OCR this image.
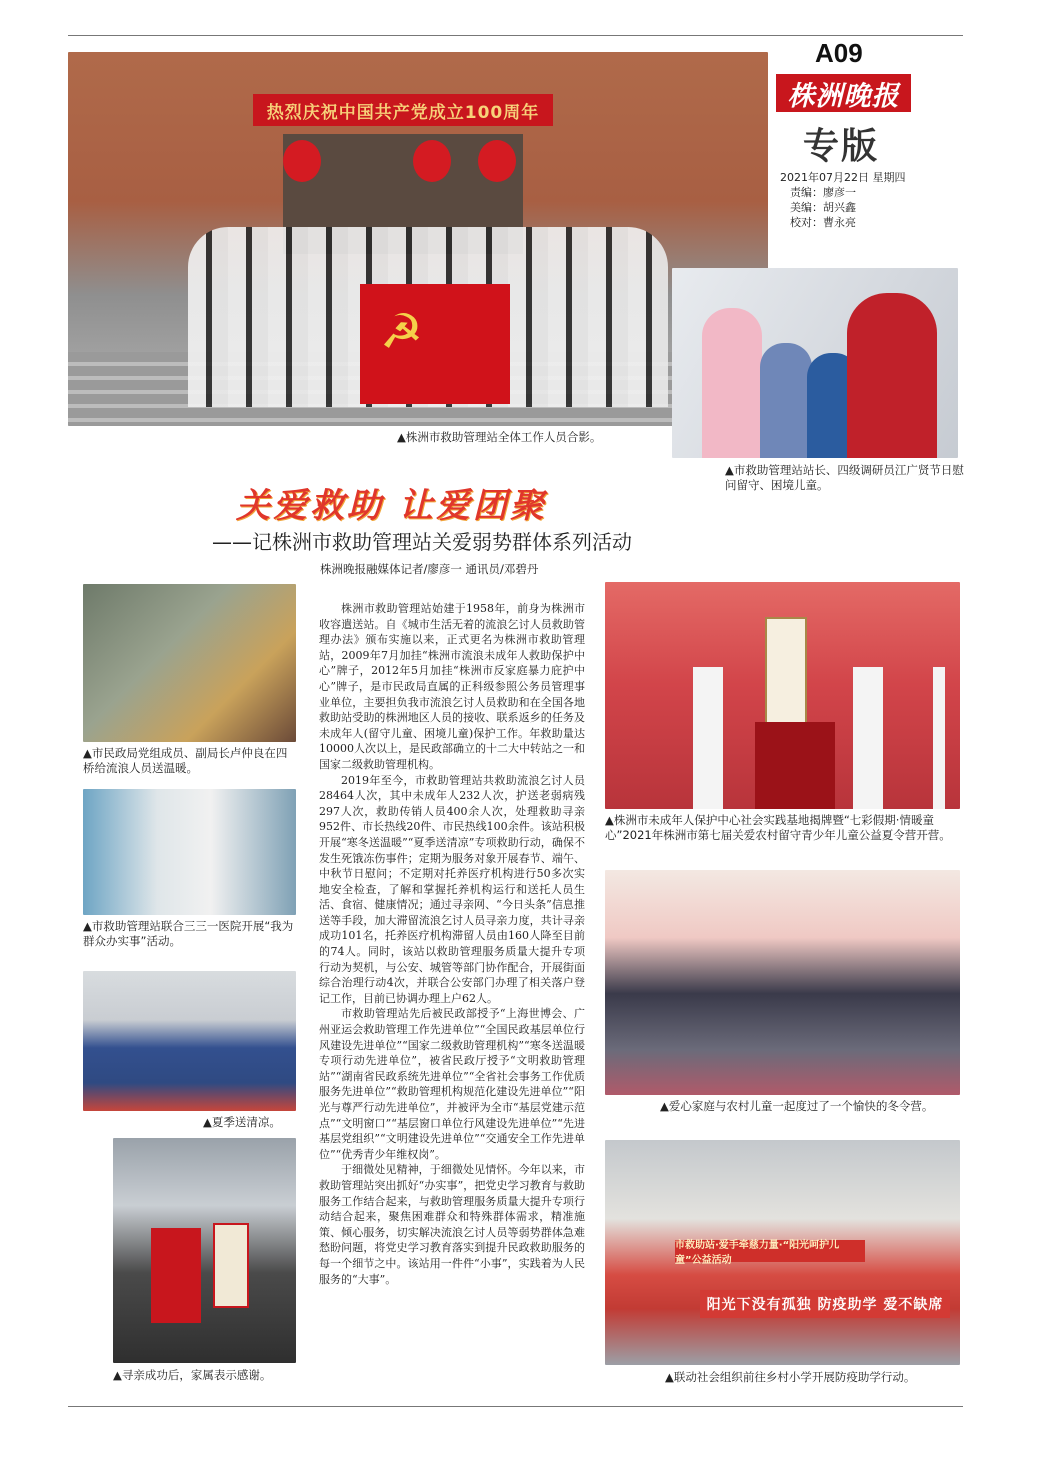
A09
株洲晚报
专版
2021年07月22日 星期四
责编：廖彦一
美编：胡兴鑫
校对：曹永亮
热烈庆祝中国共产党成立100周年
☭
▲株洲市救助管理站全体工作人员合影。
▲市救助管理站站长、四级调研员江广贤节日慰问留守、困境儿童。
关爱救助 让爱团聚
——记株洲市救助管理站关爱弱势群体系列活动
株洲晚报融媒体记者/廖彦一 通讯员/邓碧丹
▲市民政局党组成员、副局长卢仲良在四桥给流浪人员送温暖。
▲市救助管理站联合三三一医院开展“我为群众办实事”活动。
▲夏季送清凉。
▲寻亲成功后，家属表示感谢。

株洲市救助管理站始建于1958年，前身为株洲市收容遣送站。自《城市生活无着的流浪乞讨人员救助管理办法》颁布实施以来，正式更名为株洲市救助管理站，2009年7月加挂“株洲市流浪未成年人救助保护中心”牌子，2012年5月加挂“株洲市反家庭暴力庇护中心”牌子，是市民政局直属的正科级参照公务员管理事业单位，主要担负我市流浪乞讨人员救助和在全国各地救助站受助的株洲地区人员的接收、联系返乡的任务及未成年人(留守儿童、困境儿童)保护工作。年救助量达10000人次以上，是民政部确立的十二大中转站之一和国家二级救助管理机构。

2019年至今，市救助管理站共救助流浪乞讨人员28464人次，其中未成年人232人次，护送老弱病残297人次，救助传销人员400余人次，处理救助寻亲952件、市长热线20件、市民热线100余件。该站积极开展“寒冬送温暖”“夏季送清凉”专项救助行动，确保不发生死饿冻伤事件；定期为服务对象开展春节、端午、中秋节日慰问；不定期对托养医疗机构进行50多次实地安全检查，了解和掌握托养机构运行和送托人员生活、食宿、健康情况；通过寻亲网、“今日头条”信息推送等手段，加大滞留流浪乞讨人员寻亲力度，共计寻亲成功101名，托养医疗机构滞留人员由160人降至目前的74人。同时，该站以救助管理服务质量大提升专项行动为契机，与公安、城管等部门协作配合，开展街面综合治理行动4次，并联合公安部门办理了相关落户登记工作，目前已协调办理上户62人。

市救助管理站先后被民政部授予“上海世博会、广州亚运会救助管理工作先进单位”“全国民政基层单位行风建设先进单位”“国家二级救助管理机构”“寒冬送温暖专项行动先进单位”，被省民政厅授予“文明救助管理站”“湖南省民政系统先进单位”“全省社会事务工作优质服务先进单位”“救助管理机构规范化建设先进单位”“阳光与尊严行动先进单位”，并被评为全市“基层党建示范点”“文明窗口”“基层窗口单位行风建设先进单位”“先进基层党组织”“文明建设先进单位”“交通安全工作先进单位”“优秀青少年维权岗”。

于细微处见精神，于细微处见情怀。今年以来，市救助管理站突出抓好“办实事”，把党史学习教育与救助服务工作结合起来，与救助管理服务质量大提升专项行动结合起来，聚焦困难群众和特殊群体需求，精准施策、倾心服务，切实解决流浪乞讨人员等弱势群体急难愁盼问题，将党史学习教育落实到提升民政救助服务的每一个细节之中。该站用一件件“小事”，实践着为人民服务的“大事”。

▲株洲市未成年人保护中心社会实践基地揭牌暨“七彩假期·情暖童心”2021年株洲市第七届关爱农村留守青少年儿童公益夏令营开营。
▲爱心家庭与农村儿童一起度过了一个愉快的冬令营。
市救助站·爱手牵慈力量·“阳光呵护儿童”公益活动
阳光下没有孤独 防疫助学 爱不缺席
▲联动社会组织前往乡村小学开展防疫助学行动。
